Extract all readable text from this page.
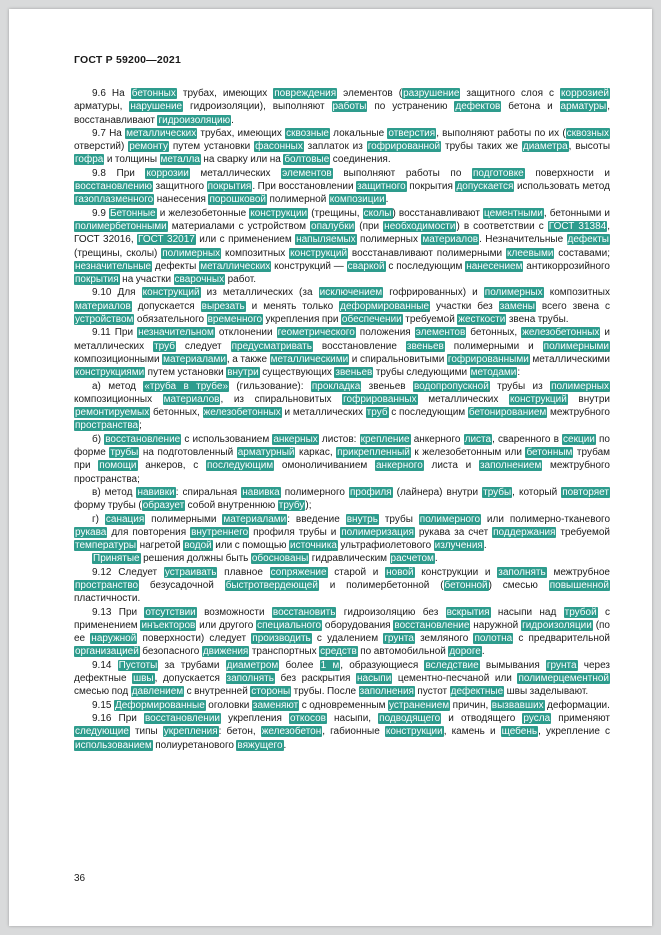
ГОСТ Р 59200—2021

9.6 На бетонных трубах, имеющих повреждения элементов (разрушение защитного слоя с коррозией арматуры, нарушение гидроизоляции), выполняют работы по устранению дефектов бетона и арматуры, восстанавливают гидроизоляцию.

9.7 На металлических трубах, имеющих сквозные локальные отверстия, выполняют работы по их (сквозных отверстий) ремонту путем установки фасонных заплаток из гофрированной трубы таких же диаметра, высоты гофра и толщины металла на сварку или на болтовые соединения.

9.8 При коррозии металлических элементов выполняют работы по подготовке поверхности и восстановлению защитного покрытия. При восстановлении защитного покрытия допускается использовать метод газоплазменного нанесения порошковой полимерной композиции.

9.9 Бетонные и железобетонные конструкции (трещины, сколы) восстанавливают цементными, бетонными и полимербетонными материалами с устройством опалубки (при необходимости) в соответствии с ГОСТ 31384, ГОСТ 32016, ГОСТ 32017 или с применением напыляемых полимерных материалов. Незначительные дефекты (трещины, сколы) полимерных композитных конструкций восстанавливают полимерными клеевыми составами; незначительные дефекты металлических конструкций — сваркой с последующим нанесением антикоррозийного покрытия на участки сварочных работ.

9.10 Для конструкций из металлических (за исключением гофрированных) и полимерных композитных материалов допускается вырезать и менять только деформированные участки без замены всего звена с устройством обязательного временного укрепления при обеспечении требуемой жесткости звена трубы.

9.11 При незначительном отклонении геометрического положения элементов бетонных, железобетонных и металлических труб следует предусматривать восстановление звеньев полимерными и полимерными композиционными материалами, а также металлическими и спиральновитыми гофрированными металлическими конструкциями путем установки внутри существующих звеньев трубы следующими методами:

а) метод «труба в трубе» (гильзование): прокладка звеньев водопропускной трубы из полимерных композиционных материалов, из спиральновитых гофрированных металлических конструкций внутри ремонтируемых бетонных, железобетонных и металлических труб с последующим бетонированием межтрубного пространства;

б) восстановление с использованием анкерных листов: крепление анкерного листа, сваренного в секции по форме трубы на подготовленный арматурный каркас, прикрепленный к железобетонным или бетонным трубам при помощи анкеров, с последующим омоноличиванием анкерного листа и заполнением межтрубного пространства;

в) метод навивки: спиральная навивка полимерного профиля (лайнера) внутри трубы, который повторяет форму трубы (образует собой внутреннюю трубу);

г) санация полимерными материалами: введение внутрь трубы полимерного или полимерно-тканевого рукава для повторения внутреннего профиля трубы и полимеризация рукава за счет поддержания требуемой температуры нагретой водой или с помощью источника ультрафиолетового излучения.

Принятые решения должны быть обоснованы гидравлическим расчетом.

9.12 Следует устраивать плавное сопряжение старой и новой конструкции и заполнять межтрубное пространство безусадочной быстротвердеющей и полимербетонной (бетонной) смесью повышенной пластичности.

9.13 При отсутствии возможности восстановить гидроизоляцию без вскрытия насыпи над трубой с применением инъекторов или другого специального оборудования восстановление наружной гидроизоляции (по ее наружной поверхности) следует производить с удалением грунта земляного полотна с предварительной организацией безопасного движения транспортных средств по автомобильной дороге.

9.14 Пустоты за трубами диаметром более 1 м, образующиеся вследствие вымывания грунта через дефектные швы, допускается заполнять без раскрытия насыпи цементно-песчаной или полимерцементной смесью под давлением с внутренней стороны трубы. После заполнения пустот дефектные швы заделывают.

9.15 Деформированные оголовки заменяют с одновременным устранением причин, вызвавших деформации.

9.16 При восстановлении укрепления откосов насыпи, подводящего и отводящего русла применяют следующие типы укрепления: бетон, железобетон, габионные конструкции, камень и щебень, укрепление с использованием полиуретанового вяжущего.

36
